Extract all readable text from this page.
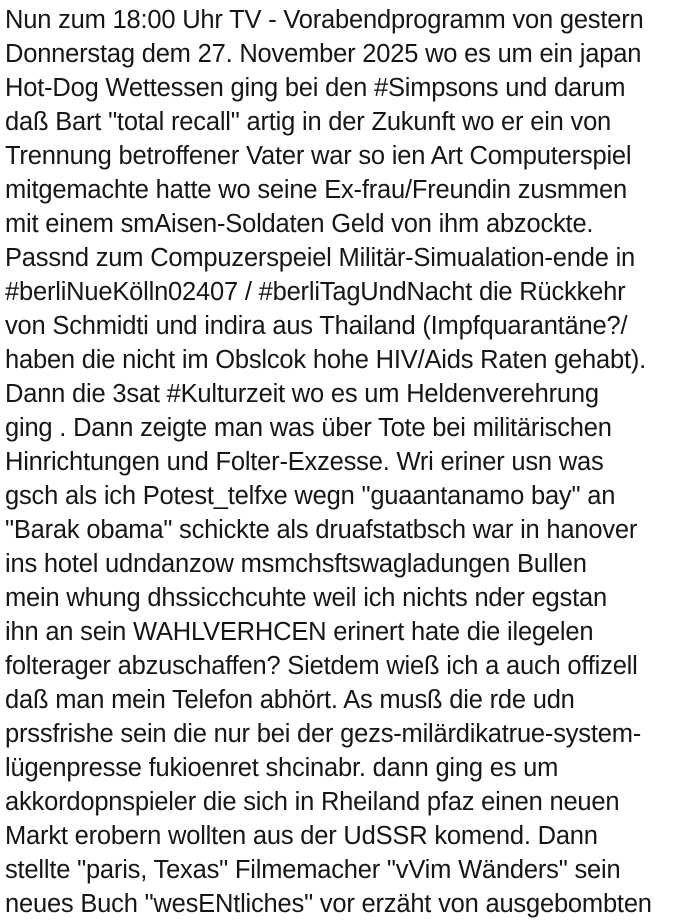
Nun zum 18:00 Uhr TV - Vorabendprogramm von gestern
Donnerstag dem 27. November 2025 wo es um ein japan
Hot-Dog Wettessen ging bei den #Simpsons und darum
daß Bart "total recall" artig in der Zukunft wo er ein von
Trennung betroffener Vater war so ien Art Computerspiel
mitgemachte hatte wo seine Ex-frau/Freundin zusmmen
mit einem smAisen-Soldaten Geld von ihm abzockte.
Passnd zum Compuzerspeiel Militär-Simualation-ende in
#berliNueKölln02407 / #berliTagUndNacht die Rückkehr
von Schmidti und indira aus Thailand (Impfquarantäne?/
haben die nicht im Obslcok hohe HIV/Aids Raten gehabt).
Dann die 3sat #Kulturzeit wo es um Heldenverehrung
ging . Dann zeigte man was über Tote bei militärischen
Hinrichtungen und Folter-Exzesse. Wri eriner usn was
gsch als ich Potest_telfxe wegn "guaantanamo bay" an
"Barak obama" schickte als druafstatbsch war in hanover
ins hotel udndanzow msmchsftswagladungen Bullen
mein whung dhssicchcuhte weil ich nichts nder egstan
ihn an sein WAHLVERHCEN erinert hate die ilegelen
folterager abzuschaffen? Sietdem wieß ich a auch offizell
daß man mein Telefon abhört. As musß die rde udn
prssfrishe sein die nur bei der gezs-milärdikatrue-system-
lügenpresse fukioenret shcinabr. dann ging es um
akkordopnspieler die sich in Rheiland pfaz einen neuen
Markt erobern wollten aus der UdSSR komend. Dann
stellte "paris, Texas" Filmemacher "vVim Wänders" sein
neues Buch "wesENtliches" vor erzäht von ausgebombten
